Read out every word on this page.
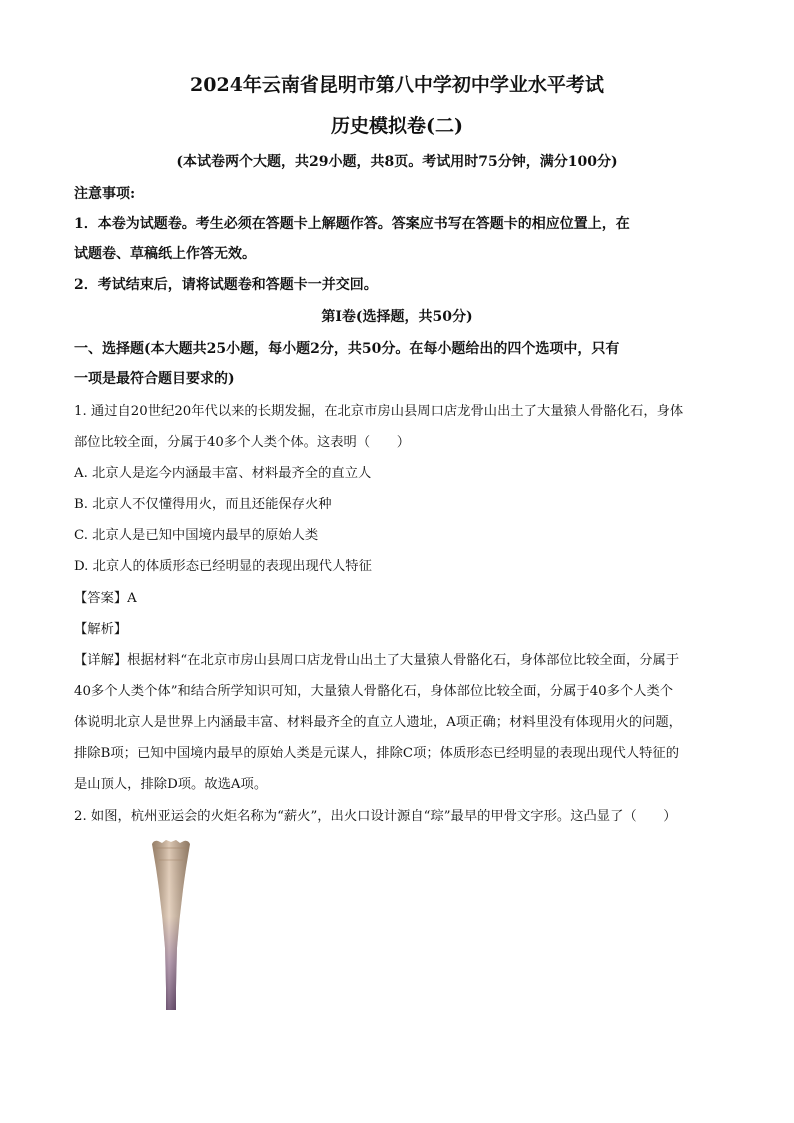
2024年云南省昆明市第八中学初中学业水平考试
历史模拟卷(二)
(本试卷两个大题，共29小题，共8页。考试用时75分钟，满分100分)
注意事项:
1．本卷为试题卷。考生必须在答题卡上解题作答。答案应书写在答题卡的相应位置上，在
试题卷、草稿纸上作答无效。
2．考试结束后，请将试题卷和答题卡一并交回。
第Ⅰ卷(选择题，共50分)
一、选择题(本大题共25小题，每小题2分，共50分。在每小题给出的四个选项中，只有
一项是最符合题目要求的)
1. 通过自20世纪20年代以来的长期发掘，在北京市房山县周口店龙骨山出土了大量猿人骨骼化石，身体
部位比较全面，分属于40多个人类个体。这表明（　　）
A. 北京人是迄今内涵最丰富、材料最齐全的直立人
B. 北京人不仅懂得用火，而且还能保存火种
C. 北京人是已知中国境内最早的原始人类
D. 北京人的体质形态已经明显的表现出现代人特征
【答案】A
【解析】
【详解】根据材料“在北京市房山县周口店龙骨山出土了大量猿人骨骼化石，身体部位比较全面，分属于
40多个人类个体”和结合所学知识可知，大量猿人骨骼化石，身体部位比较全面，分属于40多个人类个
体说明北京人是世界上内涵最丰富、材料最齐全的直立人遗址，A项正确；材料里没有体现用火的问题，
排除B项；已知中国境内最早的原始人类是元谋人，排除C项；体质形态已经明显的表现出现代人特征的
是山顶人，排除D项。故选A项。
2. 如图，杭州亚运会的火炬名称为“薪火”，出火口设计源自“琮”最早的甲骨文字形。这凸显了（　　）
